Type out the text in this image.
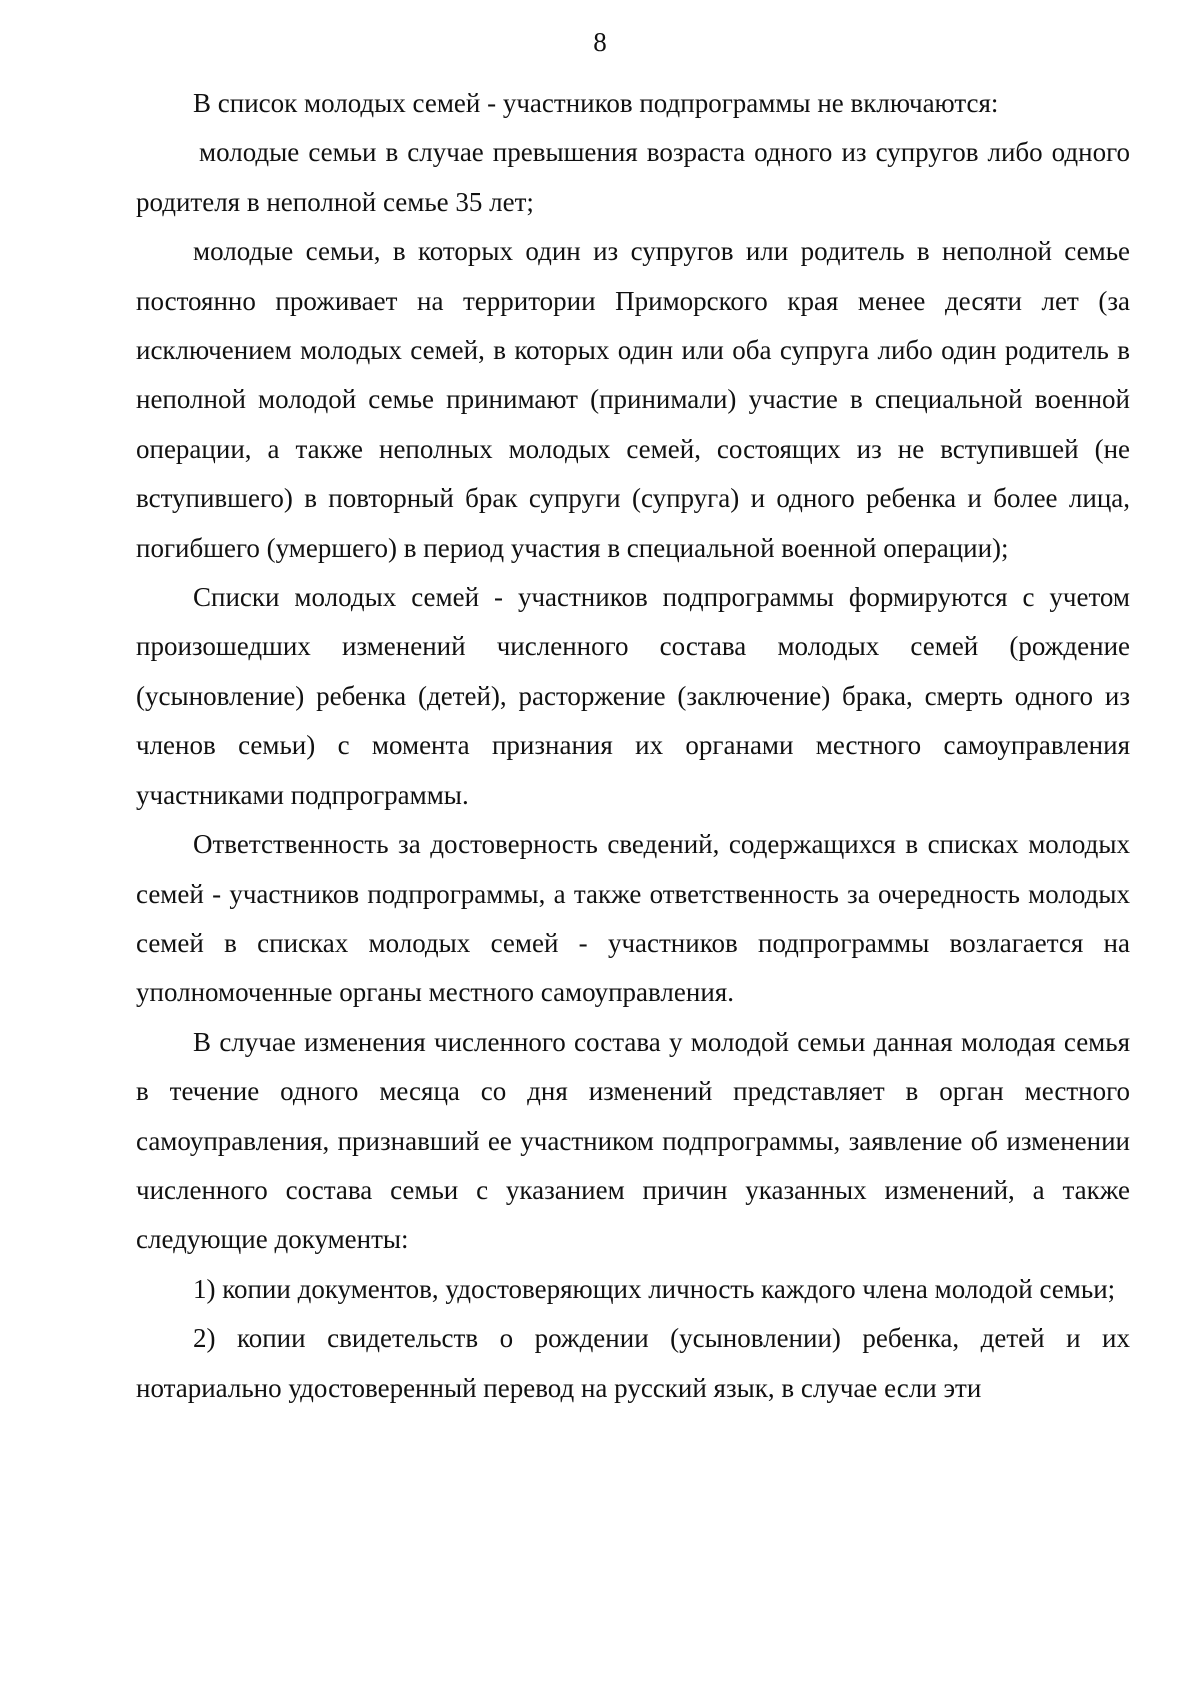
8

В список молодых семей - участников подпрограммы не включаются:

молодые семьи в случае превышения возраста одного из супругов либо одного родителя в неполной семье 35 лет;

молодые семьи, в которых один из супругов или родитель в неполной семье постоянно проживает на территории Приморского края менее десяти лет (за исключением молодых семей, в которых один или оба супруга либо один родитель в неполной молодой семье принимают (принимали) участие в специальной военной операции, а также неполных молодых семей, состоящих из не вступившей (не вступившего) в повторный брак супруги (супруга) и одного ребенка и более лица, погибшего (умершего) в период участия в специальной военной операции);

Списки молодых семей - участников подпрограммы формируются с учетом произошедших изменений численного состава молодых семей (рождение (усыновление) ребенка (детей), расторжение (заключение) брака, смерть одного из членов семьи) с момента признания их органами местного самоуправления участниками подпрограммы.

Ответственность за достоверность сведений, содержащихся в списках молодых семей - участников подпрограммы, а также ответственность за очередность молодых семей в списках молодых семей - участников подпрограммы возлагается на уполномоченные органы местного самоуправления.

В случае изменения численного состава у молодой семьи данная молодая семья в течение одного месяца со дня изменений представляет в орган местного самоуправления, признавший ее участником подпрограммы, заявление об изменении численного состава семьи с указанием причин указанных изменений, а также следующие документы:

1) копии документов, удостоверяющих личность каждого члена молодой семьи;

2) копии свидетельств о рождении (усыновлении) ребенка, детей и их нотариально удостоверенный перевод на русский язык, в случае если эти
